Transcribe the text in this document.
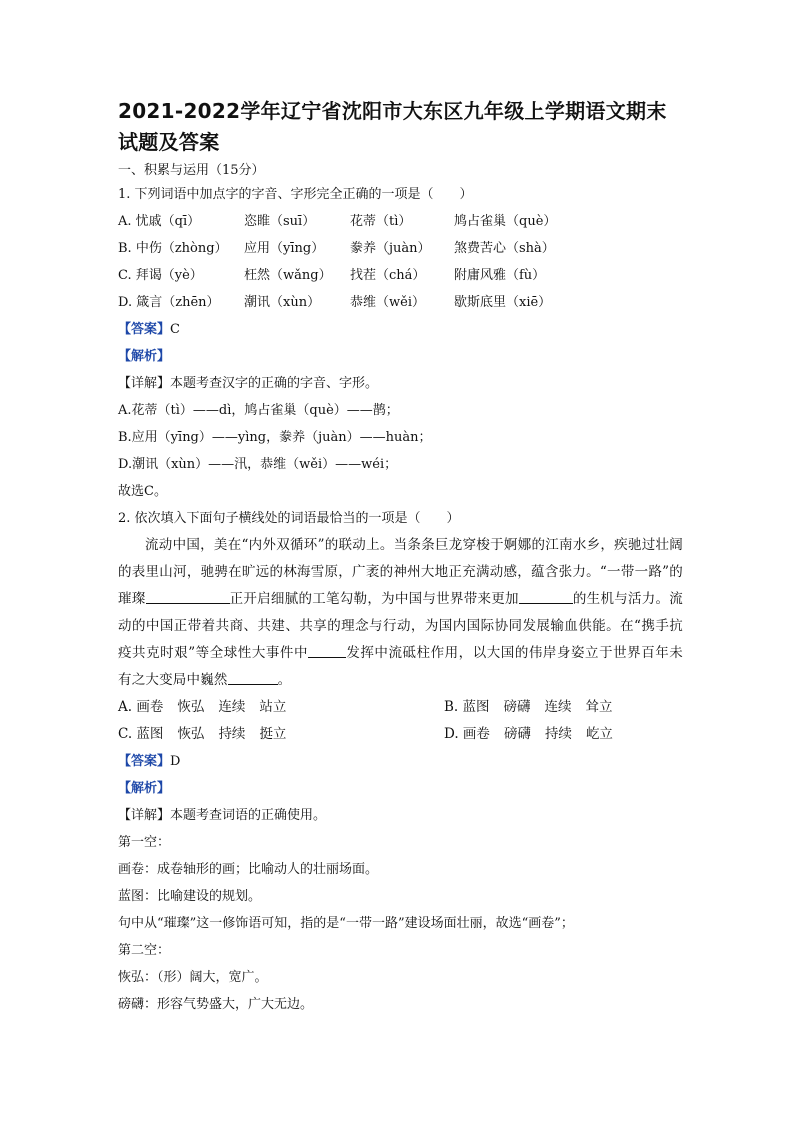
2021-2022学年辽宁省沈阳市大东区九年级上学期语文期末
试题及答案
一、积累与运用（15分）
1. 下列词语中加点字的字音、字形完全正确的一项是（　　）
A. 忧戚（qī）	恣睢（suī）	花蒂（tì）	鸠占雀巢（què）
B. 中伤（zhòng）	应用（yīng）	豢养（juàn）	煞费苦心（shà）
C. 拜谒（yè）	枉然（wǎng）	找茬（chá）	附庸风雅（fù）
D. 箴言（zhēn）	潮讯（xùn）	恭维（wěi）	歇斯底里（xiē）
【答案】C
【解析】
【详解】本题考查汉字的正确的字音、字形。
A.花蒂（tì）——dì，鸠占雀巢（què）——鹊；
B.应用（yīng）——yìng，豢养（juàn）——huàn；
D.潮讯（xùn）——汛，恭维（wěi）——wéi；
故选C。
2. 依次填入下面句子横线处的词语最恰当的一项是（　　）

流动中国，美在“内外双循环”的联动上。当条条巨龙穿梭于婀娜的江南水乡，疾驰过壮阔的表里山河，驰骋在旷远的林海雪原，广袤的神州大地正充满动感，蕴含张力。“一带一路”的璀璨	正开启细腻的工笔勾勒，为中国与世界带来更加	的生机与活力。流动的中国正带着共商、共建、共享的理念与行动，为国内国际协同发展输血供能。在“携手抗疫共克时艰”等全球性大事件中	发挥中流砥柱作用，以大国的伟岸身姿立于世界百年未有之大变局中巍然	。

A. 画卷 恢弘 连续 站立	B. 蓝图 磅礴 连续 耸立
C. 蓝图 恢弘 持续 挺立	D. 画卷 磅礴 持续 屹立
【答案】D
【解析】
【详解】本题考查词语的正确使用。
第一空：
画卷：成卷轴形的画；比喻动人的壮丽场面。
蓝图：比喻建设的规划。
句中从“璀璨”这一修饰语可知，指的是“一带一路”建设场面壮丽，故选“画卷”；
第二空：
恢弘：（形）阔大，宽广。
磅礴：形容气势盛大，广大无边。
